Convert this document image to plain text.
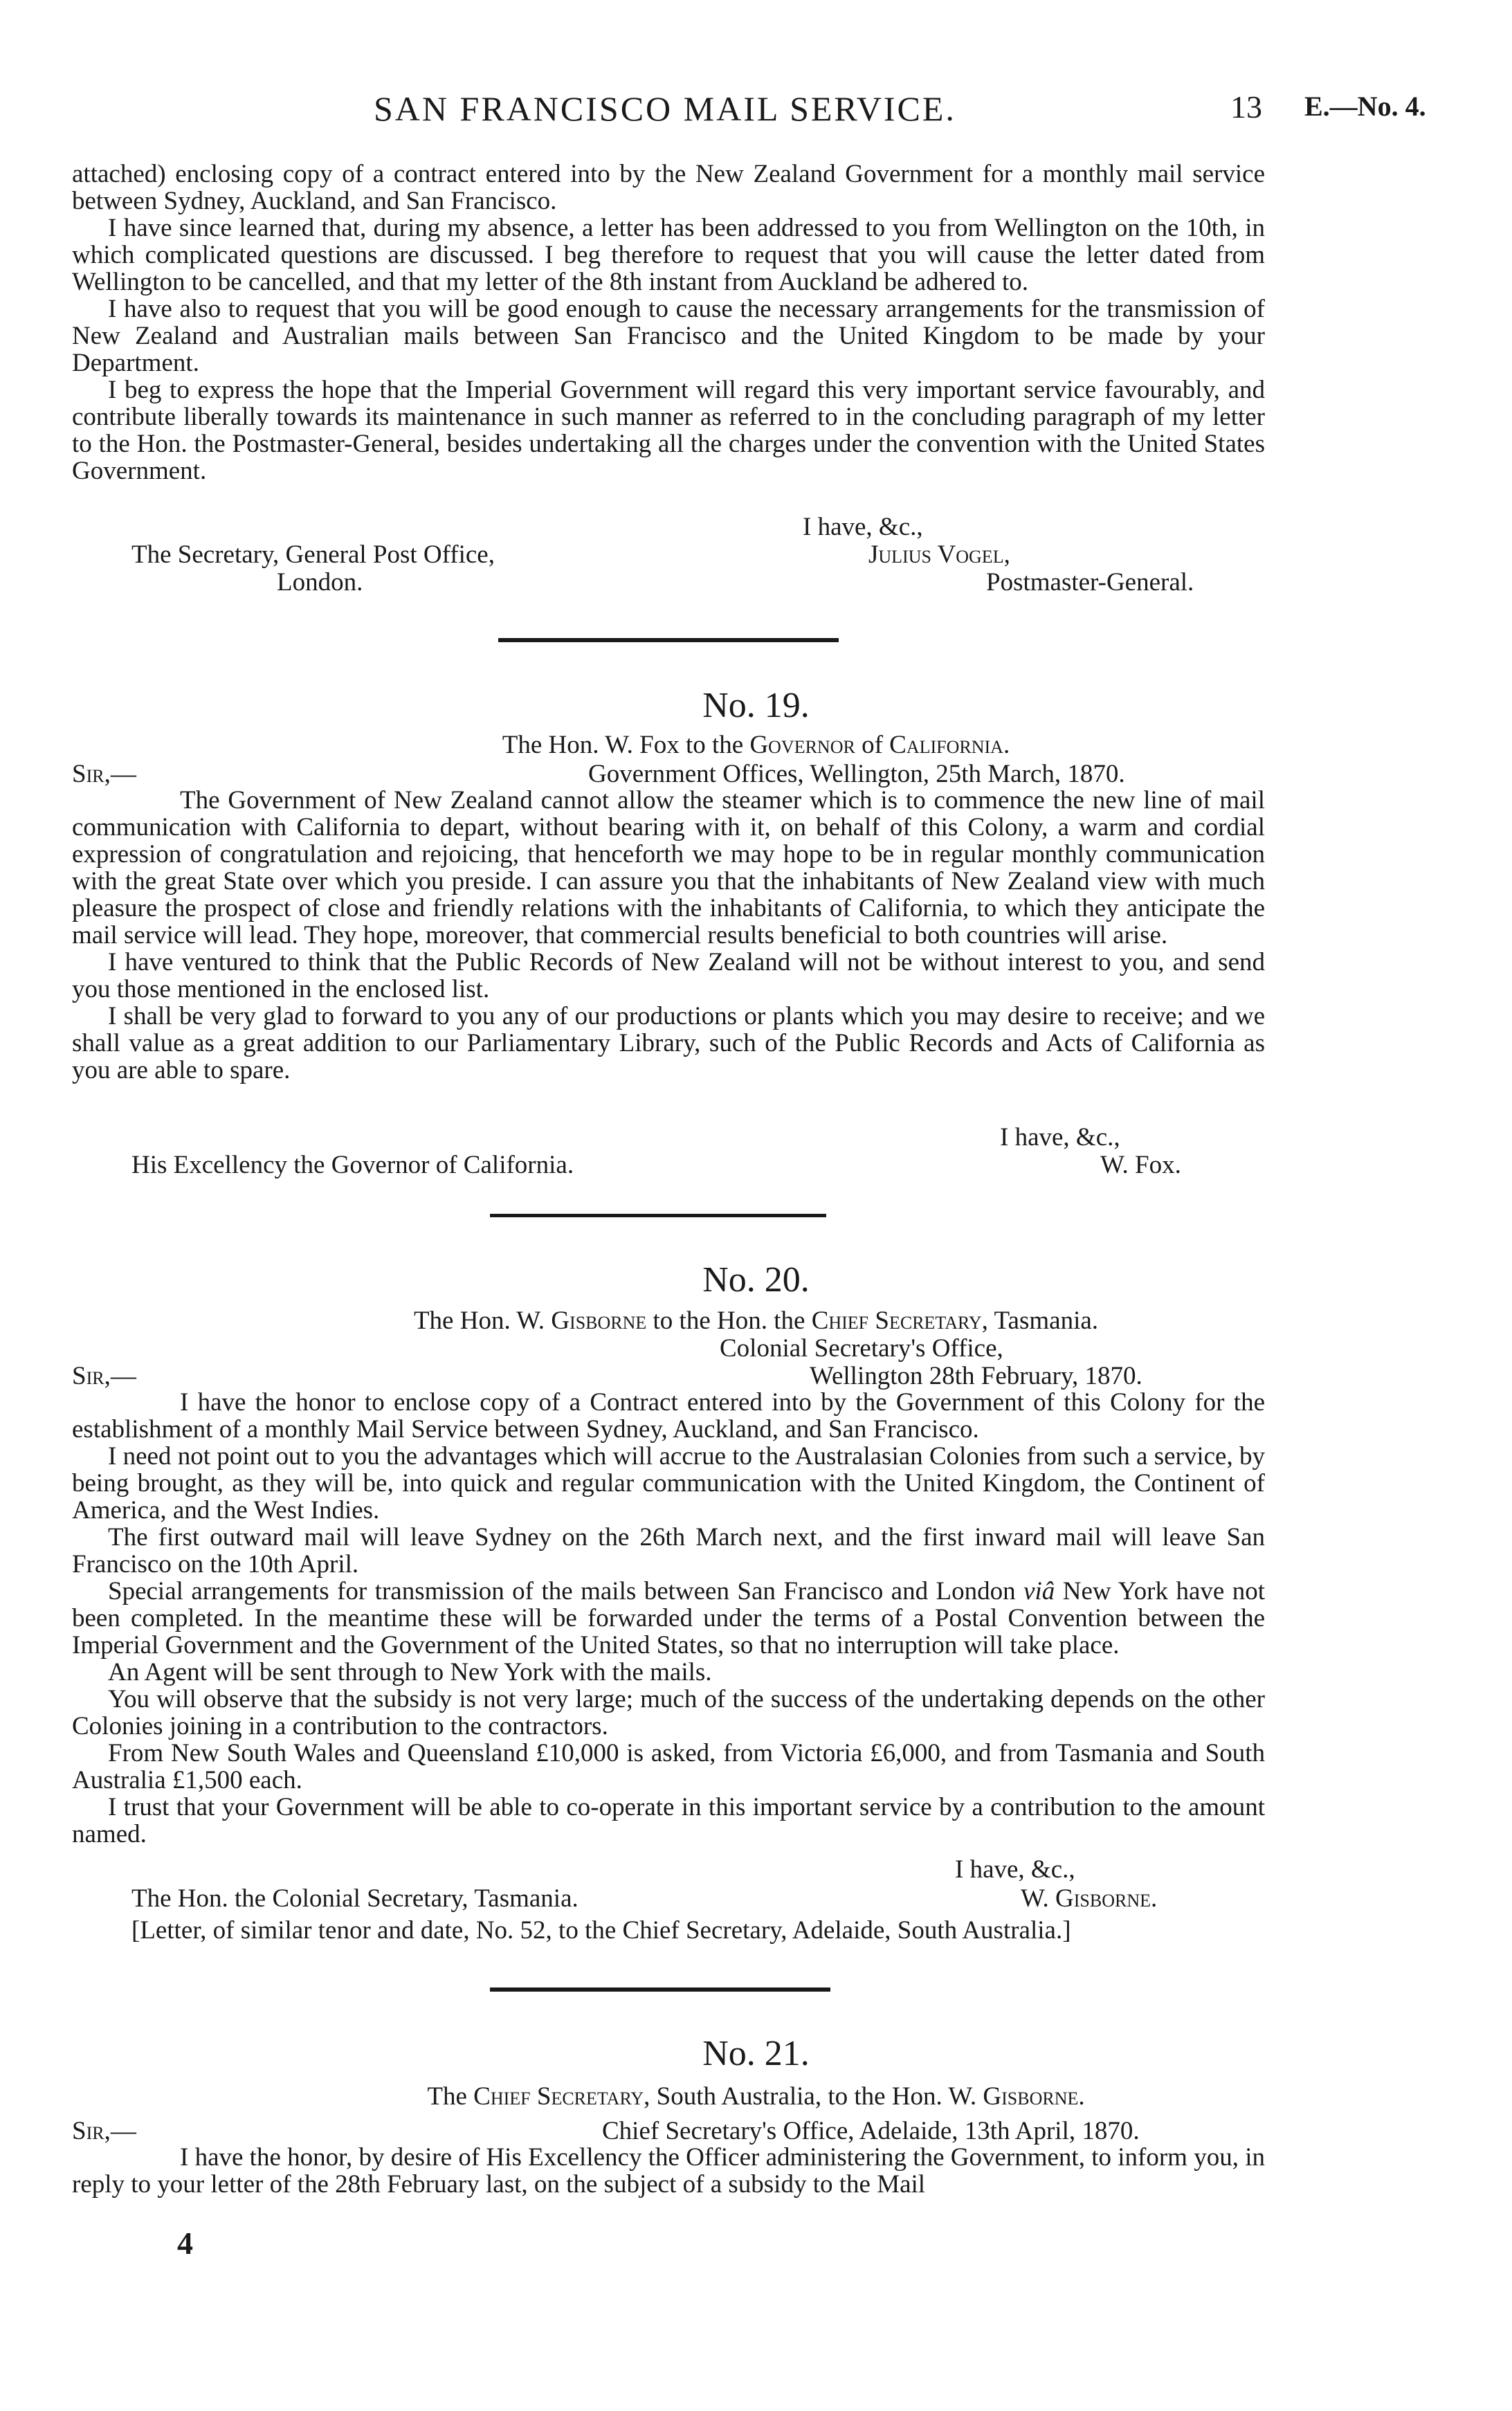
SAN FRANCISCO MAIL SERVICE.	13 E.—No. 4.

attached) enclosing copy of a contract entered into by the New Zealand Government for a monthly mail service between Sydney, Auckland, and San Francisco.

I have since learned that, during my absence, a letter has been addressed to you from Wellington on the 10th, in which complicated questions are discussed. I beg therefore to request that you will cause the letter dated from Wellington to be cancelled, and that my letter of the 8th instant from Auckland be adhered to.

I have also to request that you will be good enough to cause the necessary arrangements for the transmission of New Zealand and Australian mails between San Francisco and the United Kingdom to be made by your Department.

I beg to express the hope that the Imperial Government will regard this very important service favourably, and contribute liberally towards its maintenance in such manner as referred to in the concluding paragraph of my letter to the Hon. the Postmaster-General, besides undertaking all the charges under the convention with the United States Government.

I have, &c.,
The Secretary, General Post Office,	Julius Vogel,
London.	Postmaster-General.
No. 19.
The Hon. W. Fox to the Governor of California.
Sir,—	Government Offices, Wellington, 25th March, 1870.

The Government of New Zealand cannot allow the steamer which is to commence the new line of mail communication with California to depart, without bearing with it, on behalf of this Colony, a warm and cordial expression of congratulation and rejoicing, that henceforth we may hope to be in regular monthly communication with the great State over which you preside. I can assure you that the inhabitants of New Zealand view with much pleasure the prospect of close and friendly relations with the inhabitants of California, to which they anticipate the mail service will lead. They hope, moreover, that commercial results beneficial to both countries will arise.

I have ventured to think that the Public Records of New Zealand will not be without interest to you, and send you those mentioned in the enclosed list.

I shall be very glad to forward to you any of our productions or plants which you may desire to receive; and we shall value as a great addition to our Parliamentary Library, such of the Public Records and Acts of California as you are able to spare.

I have, &c.,
His Excellency the Governor of California.	W. Fox.
No. 20.
The Hon. W. Gisborne to the Hon. the Chief Secretary, Tasmania.
Colonial Secretary's Office,
Sir,—	Wellington 28th February, 1870.

I have the honor to enclose copy of a Contract entered into by the Government of this Colony for the establishment of a monthly Mail Service between Sydney, Auckland, and San Francisco.

I need not point out to you the advantages which will accrue to the Australasian Colonies from such a service, by being brought, as they will be, into quick and regular communication with the United Kingdom, the Continent of America, and the West Indies.

The first outward mail will leave Sydney on the 26th March next, and the first inward mail will leave San Francisco on the 10th April.

Special arrangements for transmission of the mails between San Francisco and London viâ New York have not been completed. In the meantime these will be forwarded under the terms of a Postal Convention between the Imperial Government and the Government of the United States, so that no interruption will take place.

An Agent will be sent through to New York with the mails.

You will observe that the subsidy is not very large; much of the success of the undertaking depends on the other Colonies joining in a contribution to the contractors.

From New South Wales and Queensland £10,000 is asked, from Victoria £6,000, and from Tasmania and South Australia £1,500 each.

I trust that your Government will be able to co-operate in this important service by a contribution to the amount named.

I have, &c.,
The Hon. the Colonial Secretary, Tasmania.	W. Gisborne.
[Letter, of similar tenor and date, No. 52, to the Chief Secretary, Adelaide, South Australia.]
No. 21.
The Chief Secretary, South Australia, to the Hon. W. Gisborne.
Sir,—	Chief Secretary's Office, Adelaide, 13th April, 1870.

I have the honor, by desire of His Excellency the Officer administering the Government, to inform you, in reply to your letter of the 28th February last, on the subject of a subsidy to the Mail

4
